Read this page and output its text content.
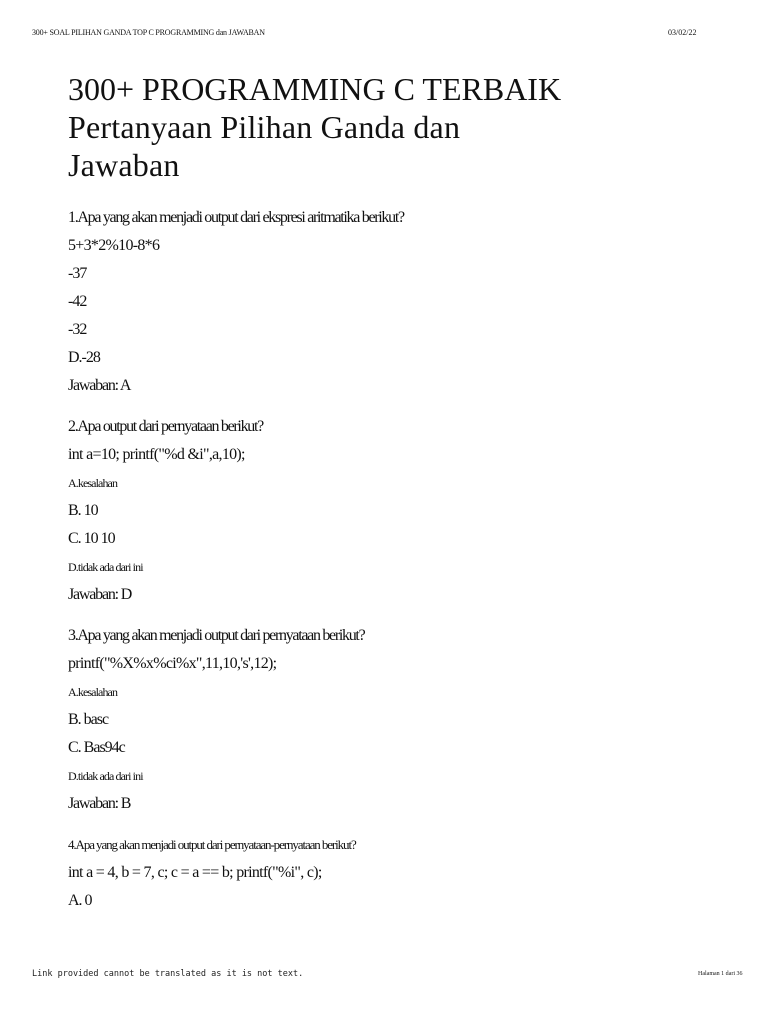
300+ SOAL PILIHAN GANDA TOP C PROGRAMMING dan JAWABAN	03/02/22
300+ PROGRAMMING C TERBAIK
Pertanyaan Pilihan Ganda dan
Jawaban
1.Apa yang akan menjadi output dari ekspresi aritmatika berikut?
5+3*2%10-8*6
-37
-42
-32
D.-28
Jawaban: A
2.Apa output dari pernyataan berikut?
int a=10; printf("%d &i",a,10);
A.kesalahan
B. 10
C. 10 10
D.tidak ada dari ini
Jawaban: D
3.Apa yang akan menjadi output dari pernyataan berikut?
printf("%X%x%ci%x",11,10,'s',12);
A.kesalahan
B. basc
C. Bas94c
D.tidak ada dari ini
Jawaban: B
4.Apa yang akan menjadi output dari pernyataan-pernyataan berikut?
int a = 4, b = 7, c; c = a == b; printf("%i", c);
A. 0
Link provided cannot be translated as it is not text.	Halaman 1 dari 36
